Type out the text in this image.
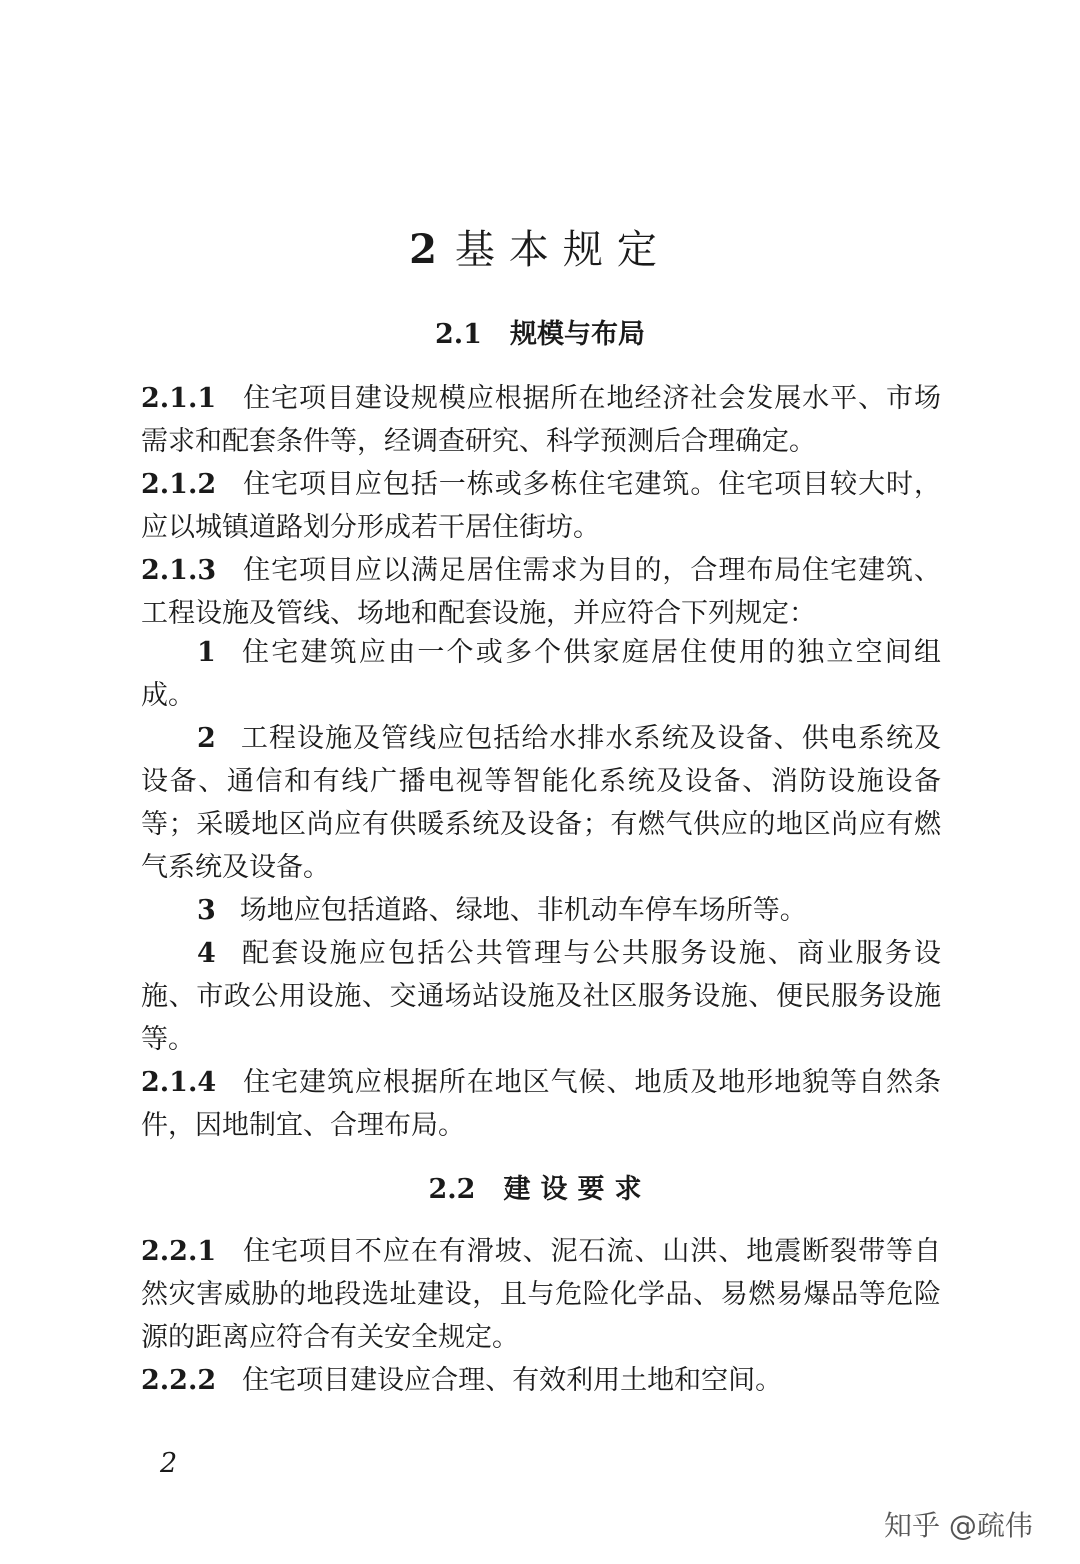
2 基本规定
2.1 规模与布局
2.1.1 住宅项目建设规模应根据所在地经济社会发展水平、市场需求和配套条件等，经调查研究、科学预测后合理确定。
2.1.2 住宅项目应包括一栋或多栋住宅建筑。住宅项目较大时，应以城镇道路划分形成若干居住街坊。
2.1.3 住宅项目应以满足居住需求为目的，合理布局住宅建筑、工程设施及管线、场地和配套设施，并应符合下列规定：
1 住宅建筑应由一个或多个供家庭居住使用的独立空间组成。
2 工程设施及管线应包括给水排水系统及设备、供电系统及设备、通信和有线广播电视等智能化系统及设备、消防设施设备等；采暖地区尚应有供暖系统及设备；有燃气供应的地区尚应有燃气系统及设备。
3 场地应包括道路、绿地、非机动车停车场所等。
4 配套设施应包括公共管理与公共服务设施、商业服务设施、市政公用设施、交通场站设施及社区服务设施、便民服务设施等。
2.1.4 住宅建筑应根据所在地区气候、地质及地形地貌等自然条件，因地制宜、合理布局。
2.2 建设要求
2.2.1 住宅项目不应在有滑坡、泥石流、山洪、地震断裂带等自然灾害威胁的地段选址建设，且与危险化学品、易燃易爆品等危险源的距离应符合有关安全规定。
2.2.2 住宅项目建设应合理、有效利用土地和空间。
2
知乎 @疏伟
